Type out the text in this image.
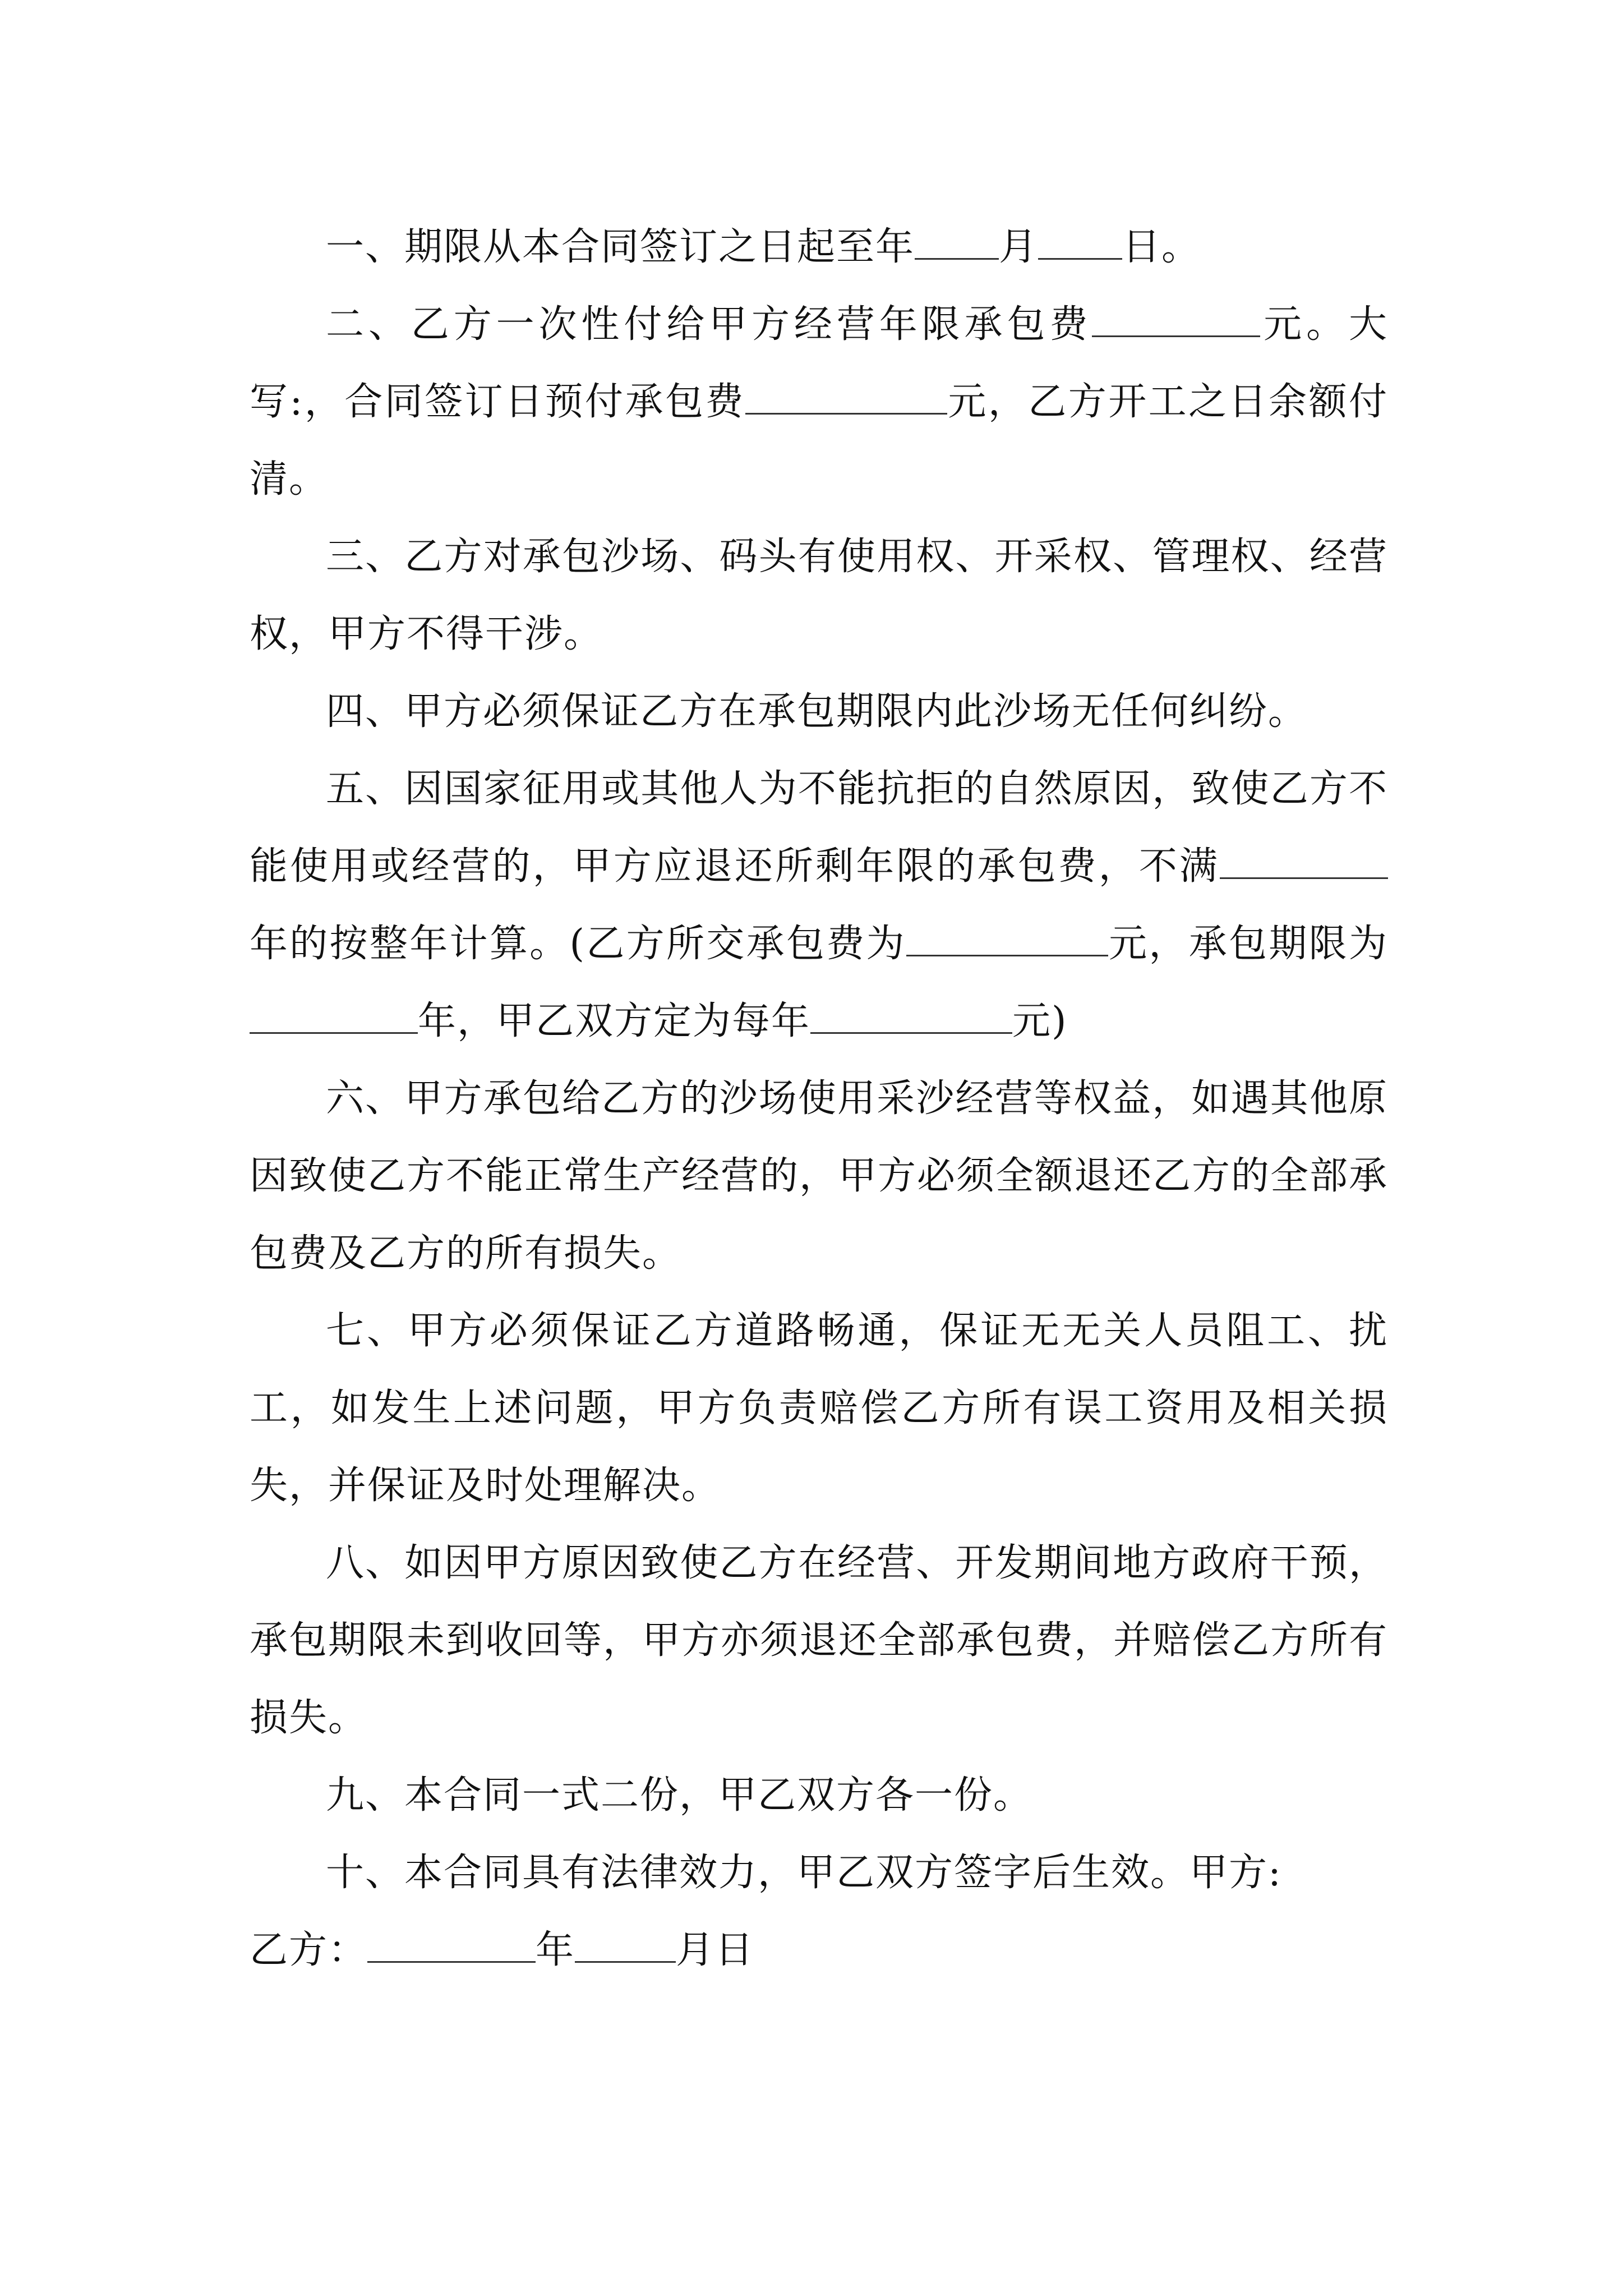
一、期限从本合同签订之日起至年 月 日。

二、乙方一次性付给甲方经营年限承包费	元。大写:，合同签订日预付承包费	元，乙方开工之日余额付清。

三、乙方对承包沙场、码头有使用权、开采权、管理权、经营权，甲方不得干涉。

四、甲方必须保证乙方在承包期限内此沙场无任何纠纷。

五、因国家征用或其他人为不能抗拒的自然原因，致使乙方不能使用或经营的，甲方应退还所剩年限的承包费，不满年的按整年计算。(乙方所交承包费为	元，承包期限为年，甲乙双方定为每年	元)

六、甲方承包给乙方的沙场使用采沙经营等权益，如遇其他原因致使乙方不能正常生产经营的，甲方必须全额退还乙方的全部承包费及乙方的所有损失。

七、甲方必须保证乙方道路畅通，保证无无关人员阻工、扰工，如发生上述问题，甲方负责赔偿乙方所有误工资用及相关损失，并保证及时处理解决。

八、如因甲方原因致使乙方在经营、开发期间地方政府干预，承包期限未到收回等，甲方亦须退还全部承包费，并赔偿乙方所有损失。

九、本合同一式二份，甲乙双方各一份。

十、本合同具有法律效力，甲乙双方签字后生效。甲方:

乙方：	年	月日
